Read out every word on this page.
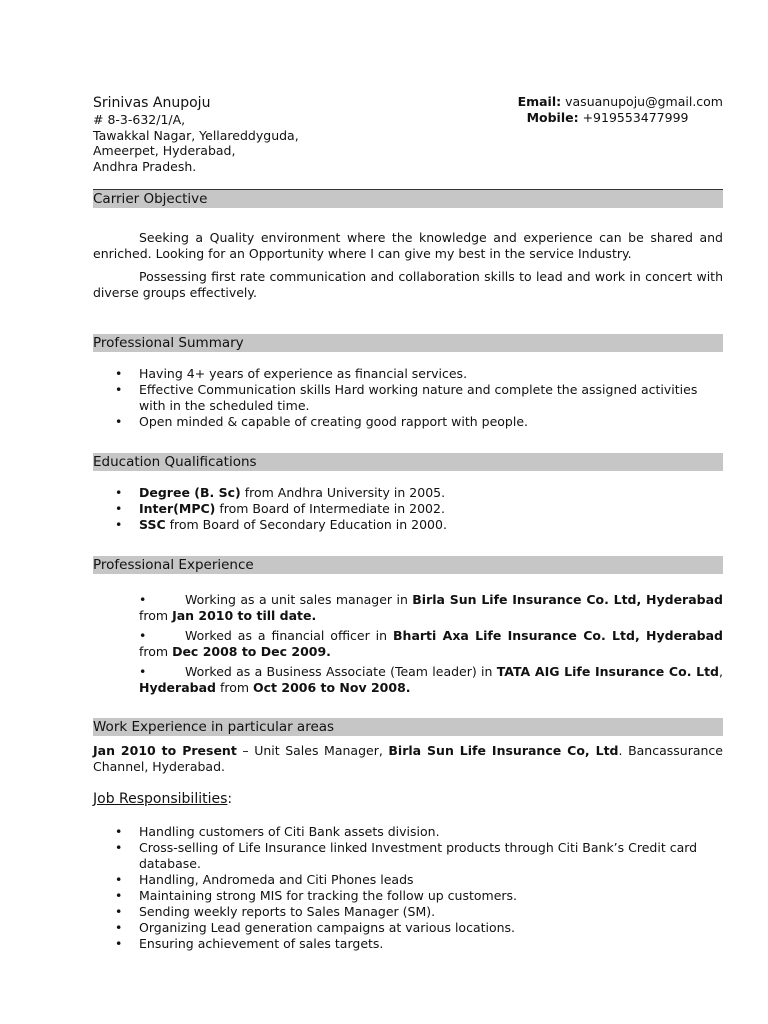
Srinivas Anupoju
# 8-3-632/1/A,
Tawakkal Nagar, Yellareddyguda,
Ameerpet, Hyderabad,
Andhra Pradesh.
Email: vasuanupoju@gmail.com
Mobile: +919553477999
Carrier Objective

Seeking a Quality environment where the knowledge and experience can be shared and enriched. Looking for an Opportunity where I can give my best in the service Industry.

Possessing first rate communication and collaboration skills to lead and work in concert with diverse groups effectively.

Professional Summary
• Having 4+ years of experience as financial services.
• Effective Communication skills Hard working nature and complete the assigned activities with in the scheduled time.
• Open minded & capable of creating good rapport with people.
Education Qualifications
• Degree (B. Sc) from Andhra University in 2005.
• Inter(MPC) from Board of Intermediate in 2002.
• SSC from Board of Secondary Education in 2000.
Professional Experience
•	Working as a unit sales manager in Birla Sun Life Insurance Co. Ltd, Hyderabad from Jan 2010 to till date.
•	Worked as a financial officer in Bharti Axa Life Insurance Co. Ltd, Hyderabad from Dec 2008 to Dec 2009.
•	Worked as a Business Associate (Team leader) in TATA AIG Life Insurance Co. Ltd, Hyderabad from Oct 2006 to Nov 2008.
Work Experience in particular areas

Jan 2010 to Present – Unit Sales Manager, Birla Sun Life Insurance Co, Ltd. Bancassurance Channel, Hyderabad.

Job Responsibilities:
• Handling customers of Citi Bank assets division.
• Cross-selling of Life Insurance linked Investment products through Citi Bank’s Credit card database.
• Handling, Andromeda and Citi Phones leads
• Maintaining strong MIS for tracking the follow up customers.
• Sending weekly reports to Sales Manager (SM).
• Organizing Lead generation campaigns at various locations.
• Ensuring achievement of sales targets.
